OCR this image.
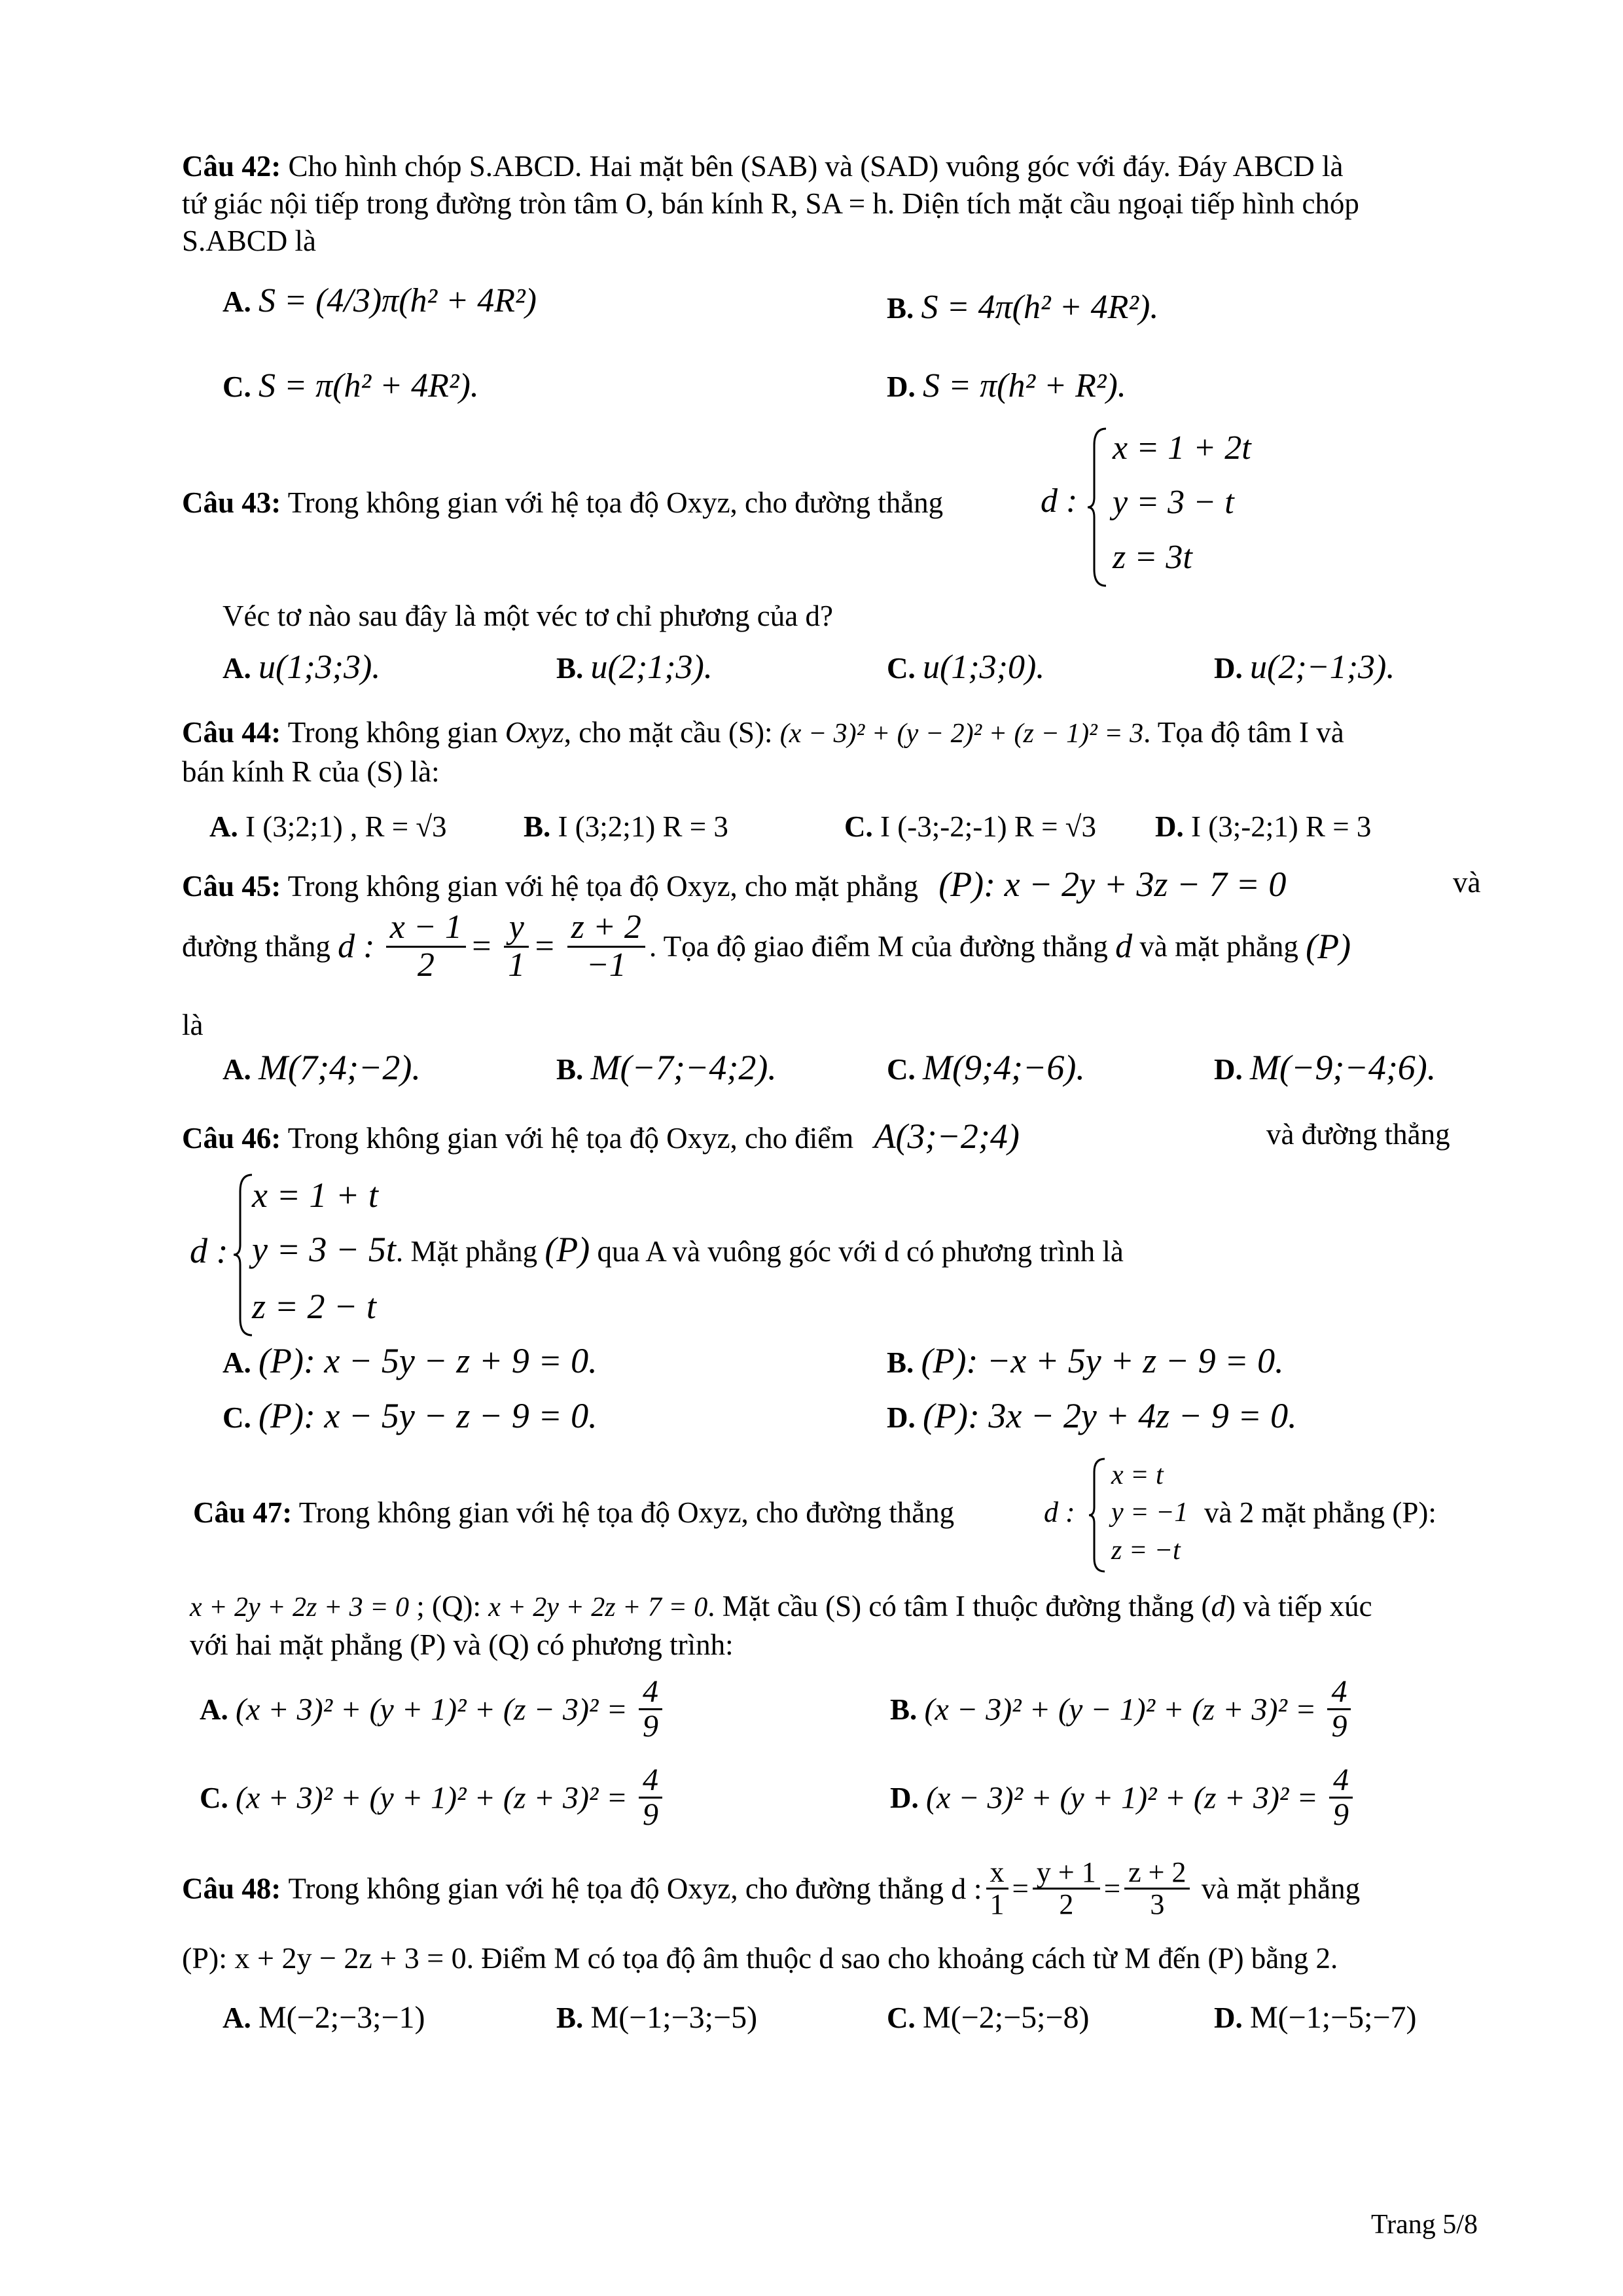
Câu 42: Cho hình chóp S.ABCD. Hai mặt bên (SAB) và (SAD) vuông góc với đáy. Đáy ABCD là
tứ giác nội tiếp trong đường tròn tâm O, bán kính R, SA = h. Diện tích mặt cầu ngoại tiếp hình chóp
S.ABCD là
A. S = (4/3)π(h² + 4R²)	B. S = 4π(h² + 4R²).
C. S = π(h² + 4R²).	D. S = π(h² + R²).
Câu 43: Trong không gian với hệ tọa độ Oxyz, cho đường thẳng	d :
x = 1 + 2t
y = 3 − t
z = 3t
Véc tơ nào sau đây là một véc tơ chỉ phương của d?
A. u(1;3;3).	B. u(2;1;3).	C. u(1;3;0).	D. u(2;−1;3).
Câu 44: Trong không gian Oxyz, cho mặt cầu (S): (x − 3)² + (y − 2)² + (z − 1)² = 3. Tọa độ tâm I và
bán kính R của (S) là:
A. I (3;2;1) , R = √3	B. I (3;2;1) R = 3	C. I (-3;-2;-1) R = √3 D. I (3;-2;1) R = 3
Câu 45: Trong không gian với hệ tọa độ Oxyz, cho mặt phẳng (P): x − 2y + 3z − 7 = 0	và
đường thẳng d : $\frac{x - 1}{2} = \frac{y}{1} = \frac{z + 2}{-1}$ . Tọa độ giao điểm M của đường thẳng d và mặt phẳng (P)
là
A. M(7;4;−2).	B. M(−7;−4;2).	C. M(9;4;−6).	D. M(−9;−4;6).
Câu 46: Trong không gian với hệ tọa độ Oxyz, cho điểm A(3;−2;4)	và đường thẳng
d :
x = 1 + t
y = 3 − 5t. Mặt phẳng (P) qua A và vuông góc với d có phương trình là
z = 2 − t
A. (P): x − 5y − z + 9 = 0.	B. (P): −x + 5y + z − 9 = 0.
C. (P): x − 5y − z − 9 = 0.	D. (P): 3x − 2y + 4z − 9 = 0.
Câu 47: Trong không gian với hệ tọa độ Oxyz, cho đường thẳng	d :
x = t
y = −1
z = −t
và 2 mặt phẳng (P):
x + 2y + 2z + 3 = 0 ; (Q): x + 2y + 2z + 7 = 0. Mặt cầu (S) có tâm I thuộc đường thẳng (d) và tiếp xúc
với hai mặt phẳng (P) và (Q) có phương trình:
A. $(x + 3)^2 + (y + 1)^2 + (z - 3)^2 = \frac{4}{9}$	B. $(x - 3)^2 + (y - 1)^2 + (z + 3)^2 = \frac{4}{9}$
C. $(x + 3)^2 + (y + 1)^2 + (z + 3)^2 = \frac{4}{9}$	D. $(x - 3)^2 + (y + 1)^2 + (z + 3)^2 = \frac{4}{9}$
Câu 48: Trong không gian với hệ tọa độ Oxyz, cho đường thẳng d : $\frac{x}{1} = \frac{y + 1}{2} = \frac{z + 2}{3}$ và mặt phẳng
(P): x + 2y − 2z + 3 = 0. Điểm M có tọa độ âm thuộc d sao cho khoảng cách từ M đến (P) bằng 2.
A. M(−2;−3;−1)	B. M(−1;−3;−5)	C. M(−2;−5;−8)	D. M(−1;−5;−7)
Trang 5/8
